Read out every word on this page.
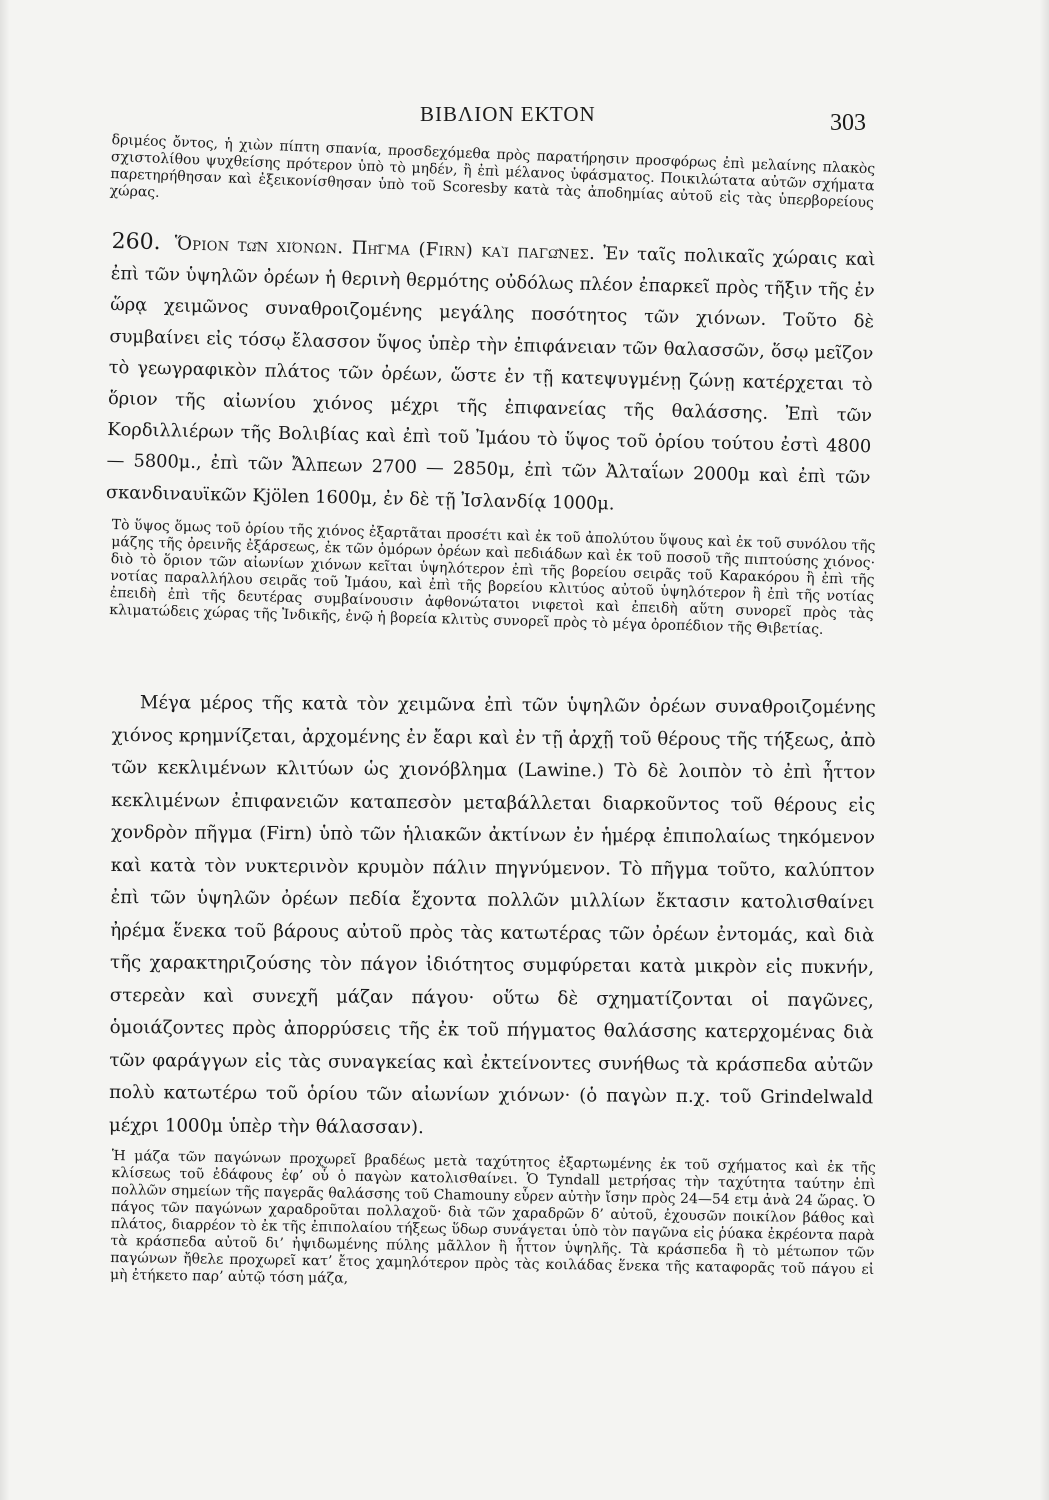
ΒΙΒΛΙΟΝ ΕΚΤΟΝ	303

δριμέος ὄντος, ἡ χιὼν πίπτη σπανία, προσδεχόμεθα πρὸς παρατήρησιν προσφόρως ἐπὶ μελαίνης πλακὸς σχιστολίθου ψυχθείσης πρότερον ὑπὸ τὸ μηδέν, ἢ ἐπὶ μέλανος ὑφάσματος. Ποικιλώτατα αὐτῶν σχήματα παρετηρήθησαν καὶ ἐξεικονίσθησαν ὑπὸ τοῦ Scoresby κατὰ τὰς ἀποδημίας αὐτοῦ εἰς τὰς ὑπερβορείους χώρας.

260. Ὅριον τῶν χιόνων. Πῆγμα (Firn) καὶ παγῶνες. Ἐν ταῖς πολικαῖς χώραις καὶ ἐπὶ τῶν ὑψηλῶν ὀρέων ἡ θερινὴ θερμότης οὐδόλως πλέον ἐπαρκεῖ πρὸς τῆξιν τῆς ἐν ὥρᾳ χειμῶνος συναθροιζομένης μεγάλης ποσότητος τῶν χιόνων. Τοῦτο δὲ συμβαίνει εἰς τόσῳ ἔλασσον ὕψος ὑπὲρ τὴν ἐπιφάνειαν τῶν θαλασσῶν, ὅσῳ μεῖζον τὸ γεωγραφικὸν πλάτος τῶν ὀρέων, ὥστε ἐν τῇ κατεψυγμένῃ ζώνῃ κατέρχεται τὸ ὅριον τῆς αἰωνίου χιόνος μέχρι τῆς ἐπιφανείας τῆς θαλάσσης. Ἐπὶ τῶν Κορδιλλιέρων τῆς Βολιβίας καὶ ἐπὶ τοῦ Ἰμάου τὸ ὕψος τοῦ ὁρίου τούτου ἐστὶ 4800 — 5800μ., ἐπὶ τῶν Ἄλπεων 2700 — 2850μ, ἐπὶ τῶν Ἀλταΐων 2000μ καὶ ἐπὶ τῶν σκανδιναυϊκῶν Kjölen 1600μ, ἐν δὲ τῇ Ἰσλανδίᾳ 1000μ.

Τὸ ὕψος ὅμως τοῦ ὁρίου τῆς χιόνος ἐξαρτᾶται προσέτι καὶ ἐκ τοῦ ἀπολύτου ὕψους καὶ ἐκ τοῦ συνόλου τῆς μάζης τῆς ὀρεινῆς ἐξάρσεως, ἐκ τῶν ὁμόρων ὀρέων καὶ πεδιάδων καὶ ἐκ τοῦ ποσοῦ τῆς πιπτούσης χιόνος· διὸ τὸ ὅριον τῶν αἰωνίων χιόνων κεῖται ὑψηλότερον ἐπὶ τῆς βορείου σειρᾶς τοῦ Καρακόρου ἢ ἐπὶ τῆς νοτίας παραλλήλου σειρᾶς τοῦ Ἰμάου, καὶ ἐπὶ τῆς βορείου κλιτύος αὐτοῦ ὑψηλότερον ἢ ἐπὶ τῆς νοτίας ἐπειδὴ ἐπὶ τῆς δευτέρας συμβαίνουσιν ἀφθονώτατοι νιφετοὶ καὶ ἐπειδὴ αὕτη συνορεῖ πρὸς τὰς κλιματώδεις χώρας τῆς Ἰνδικῆς, ἐνῷ ἡ βορεία κλιτὺς συνορεῖ πρὸς τὸ μέγα ὀροπέδιον τῆς Θιβετίας.

Μέγα μέρος τῆς κατὰ τὸν χειμῶνα ἐπὶ τῶν ὑψηλῶν ὀρέων συναθροιζομένης χιόνος κρημνίζεται, ἀρχομένης ἐν ἔαρι καὶ ἐν τῇ ἀρχῇ τοῦ θέρους τῆς τήξεως, ἀπὸ τῶν κεκλιμένων κλιτύων ὡς χιονόβλημα (Lawine.) Τὸ δὲ λοιπὸν τὸ ἐπὶ ἧττον κεκλιμένων ἐπιφανειῶν καταπεσὸν μεταβάλλεται διαρκοῦντος τοῦ θέρους εἰς χονδρὸν πῆγμα (Firn) ὑπὸ τῶν ἡλιακῶν ἀκτίνων ἐν ἡμέρᾳ ἐπιπολαίως τηκόμενον καὶ κατὰ τὸν νυκτερινὸν κρυμὸν πάλιν πηγνύμενον. Τὸ πῆγμα τοῦτο, καλύπτον ἐπὶ τῶν ὑψηλῶν ὀρέων πεδία ἔχοντα πολλῶν μιλλίων ἔκτασιν κατολισθαίνει ἠρέμα ἕνεκα τοῦ βάρους αὐτοῦ πρὸς τὰς κατωτέρας τῶν ὀρέων ἐντομάς, καὶ διὰ τῆς χαρακτηριζούσης τὸν πάγον ἰδιότητος συμφύρεται κατὰ μικρὸν εἰς πυκνήν, στερεὰν καὶ συνεχῆ μάζαν πάγου· οὕτω δὲ σχηματίζονται οἱ παγῶνες, ὁμοιάζοντες πρὸς ἀπορρύσεις τῆς ἐκ τοῦ πήγματος θαλάσσης κατερχομένας διὰ τῶν φαράγγων εἰς τὰς συναγκείας καὶ ἐκτείνοντες συνήθως τὰ κράσπεδα αὐτῶν πολὺ κατωτέρω τοῦ ὁρίου τῶν αἰωνίων χιόνων· (ὁ παγὼν π.χ. τοῦ Grindelwald μέχρι 1000μ ὑπὲρ τὴν θάλασσαν).

Ἡ μάζα τῶν παγώνων προχωρεῖ βραδέως μετὰ ταχύτητος ἐξαρτωμένης ἐκ τοῦ σχήματος καὶ ἐκ τῆς κλίσεως τοῦ ἐδάφους ἐφ’ οὗ ὁ παγὼν κατολισθαίνει. Ὁ Tyndall μετρήσας τὴν ταχύτητα ταύτην ἐπὶ πολλῶν σημείων τῆς παγερᾶς θαλάσσης τοῦ Chamouny εὗρεν αὐτὴν ἴσην πρὸς 24—54 ετμ ἀνὰ 24 ὥρας. Ὁ πάγος τῶν παγώνων χαραδροῦται πολλαχοῦ· διὰ τῶν χαραδρῶν δ’ αὐτοῦ, ἐχουσῶν ποικίλον βάθος καὶ πλάτος, διαρρέον τὸ ἐκ τῆς ἐπιπολαίου τήξεως ὕδωρ συνάγεται ὑπὸ τὸν παγῶνα εἰς ῥύακα ἐκρέοντα παρὰ τὰ κράσπεδα αὐτοῦ δι’ ἠψιδωμένης πύλης μᾶλλον ἢ ἧττον ὑψηλῆς. Τὰ κράσπεδα ἢ τὸ μέτωπον τῶν παγώνων ἤθελε προχωρεῖ κατ’ ἔτος χαμηλότερον πρὸς τὰς κοιλάδας ἕνεκα τῆς καταφορᾶς τοῦ πάγου εἰ μὴ ἐτήκετο παρ’ αὐτῷ τόση μάζα,
